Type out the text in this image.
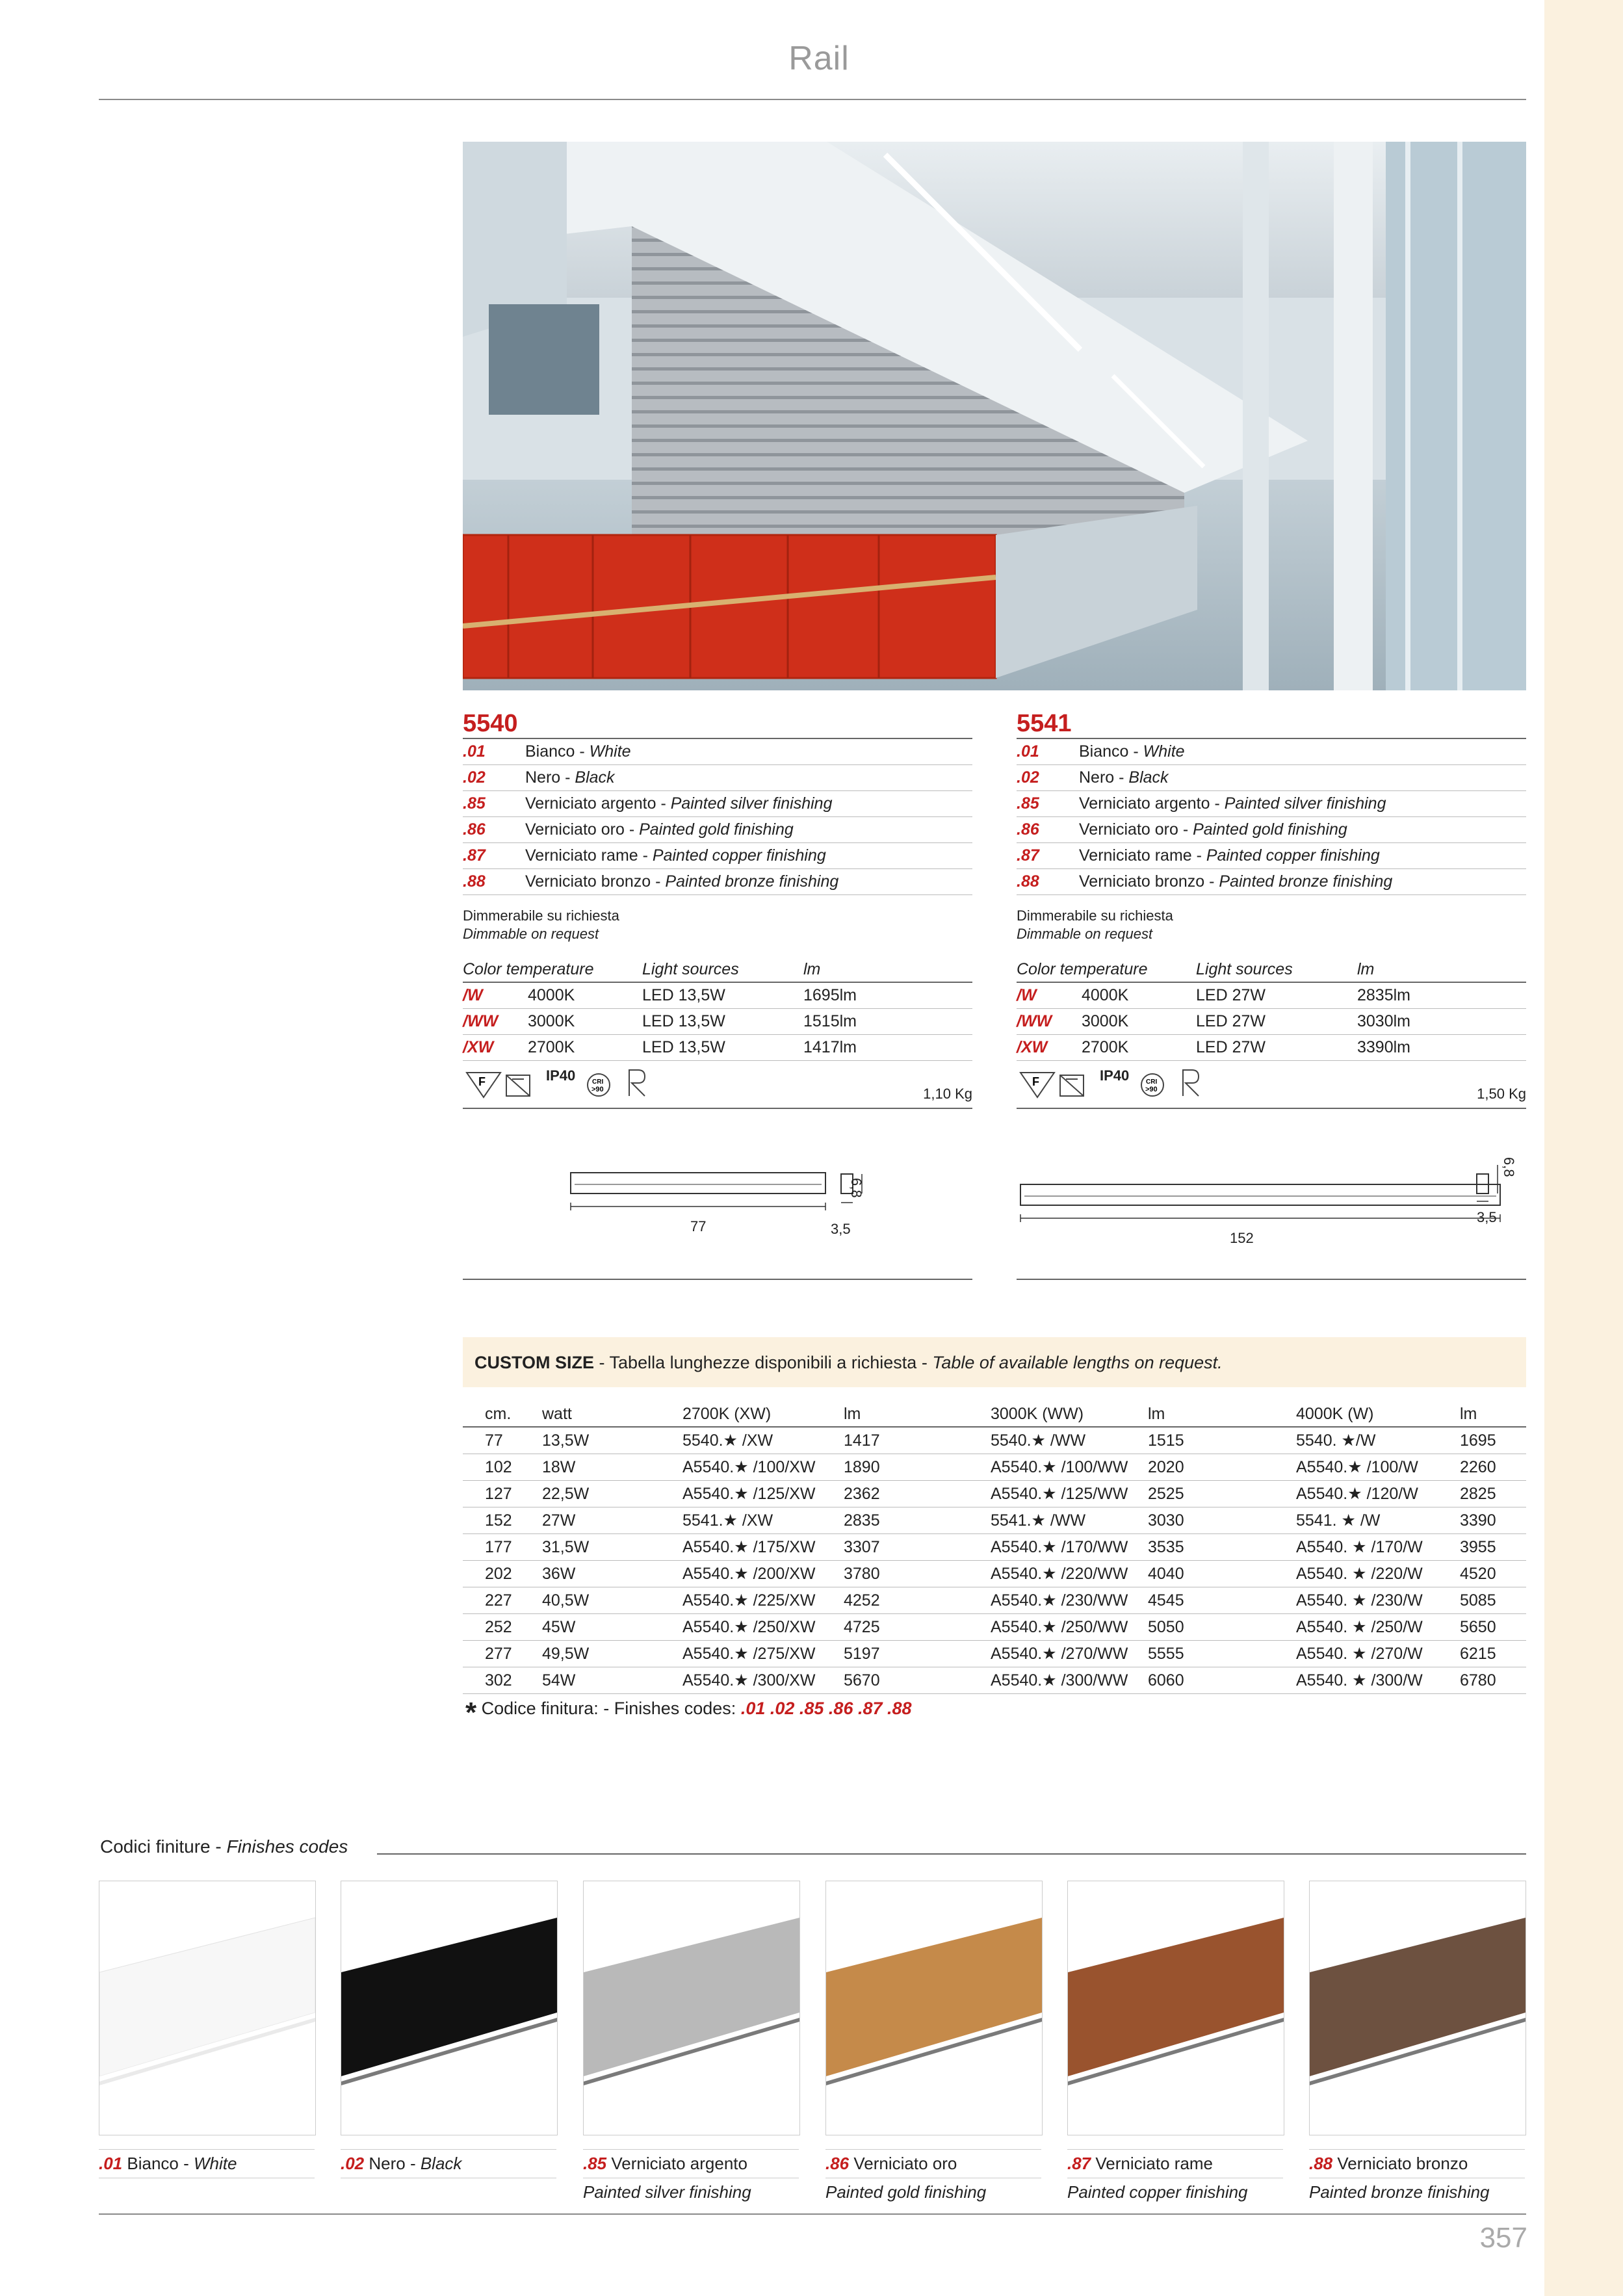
Rail
5540
.01	Bianco - White
.02	Nero - Black
.85	Verniciato argento - Painted silver finishing
.86	Verniciato oro - Painted gold finishing
.87	Verniciato rame - Painted copper finishing
.88	Verniciato bronzo - Painted bronze finishing
Dimmerabile su richiesta
Dimmable on request
Color temperature		Light sources	lm
/W	4000K	LED 13,5W	1695lm
/WW	3000K	LED 13,5W	1515lm
/XW	2700K	LED 13,5W	1417lm
F	IP40	CRI
>90	1,10 Kg
77	3,5
6,8
5541
.01	Bianco - White
.02	Nero - Black
.85	Verniciato argento - Painted silver finishing
.86	Verniciato oro - Painted gold finishing
.87	Verniciato rame - Painted copper finishing
.88	Verniciato bronzo - Painted bronze finishing
Dimmerabile su richiesta
Dimmable on request
Color temperature		Light sources	lm
/W	4000K	LED 27W	2835lm
/WW	3000K	LED 27W	3030lm
/XW	2700K	LED 27W	3390lm
F	IP40	CRI
>90	1,50 Kg
152
3,5
6,8
CUSTOM SIZE - Tabella lunghezze disponibili a richiesta - Table of available lengths on request.
	cm.	watt	2700K (XW)	lm	3000K (WW)	lm	4000K (W)	lm
	77	13,5W	5540.★ /XW	1417	5540.★ /WW	1515	5540. ★/W	1695
	102	18W	A5540.★ /100/XW	1890	A5540.★ /100/WW	2020	A5540.★ /100/W	2260
	127	22,5W	A5540.★ /125/XW	2362	A5540.★ /125/WW	2525	A5540.★ /120/W	2825
	152	27W	5541.★ /XW	2835	5541.★ /WW	3030	5541. ★ /W	3390
	177	31,5W	A5540.★ /175/XW	3307	A5540.★ /170/WW	3535	A5540. ★ /170/W	3955
	202	36W	A5540.★ /200/XW	3780	A5540.★ /220/WW	4040	A5540. ★ /220/W	4520
	227	40,5W	A5540.★ /225/XW	4252	A5540.★ /230/WW	4545	A5540. ★ /230/W	5085
	252	45W	A5540.★ /250/XW	4725	A5540.★ /250/WW	5050	A5540. ★ /250/W	5650
	277	49,5W	A5540.★ /275/XW	5197	A5540.★ /270/WW	5555	A5540. ★ /270/W	6215
	302	54W	A5540.★ /300/XW	5670	A5540.★ /300/WW	6060	A5540. ★ /300/W	6780
* Codice finitura: - Finishes codes: .01 .02 .85 .86 .87 .88
Codici finiture - Finishes codes
.01 Bianco - White	.02 Nero - Black	.85 Verniciato argento
Painted silver finishing
.86 Verniciato oro
Painted gold finishing
.87 Verniciato rame
Painted copper finishing
.88 Verniciato bronzo
Painted bronze finishing
357
